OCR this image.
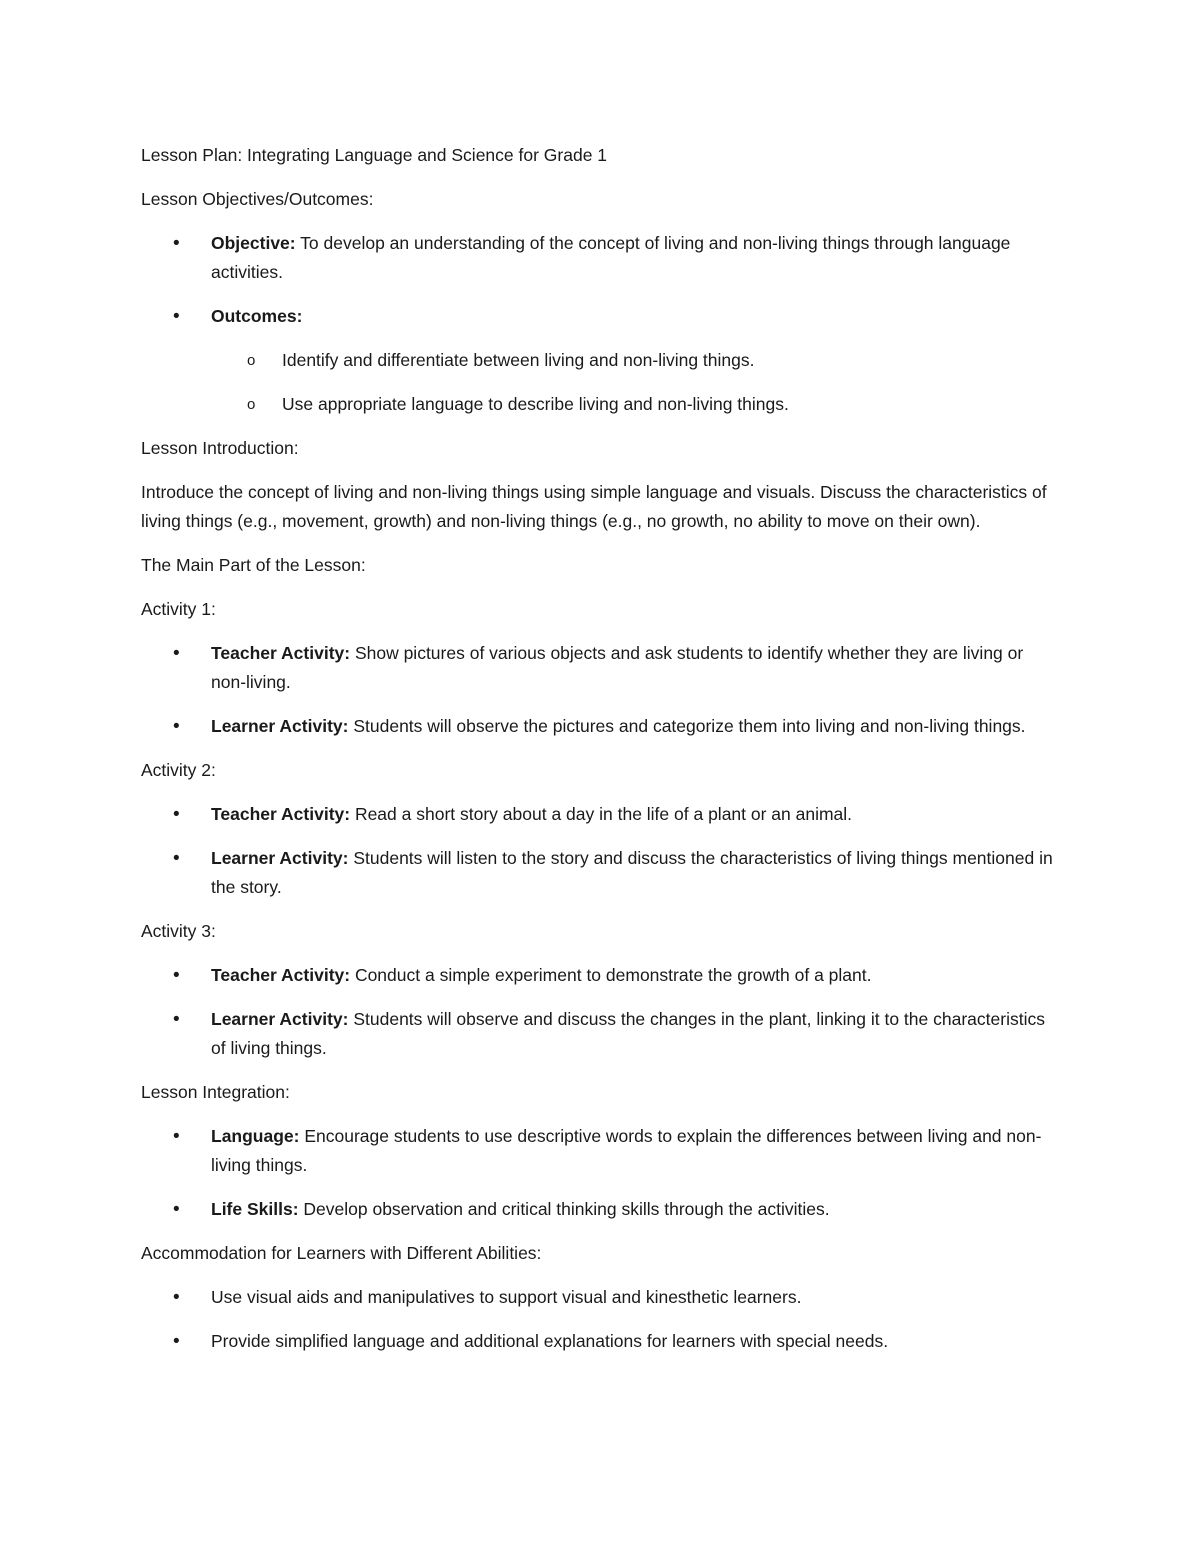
Lesson Plan: Integrating Language and Science for Grade 1

Lesson Objectives/Outcomes:

• Objective: To develop an understanding of the concept of living and non-living things through language activities.
• Outcomes:
o Identify and differentiate between living and non-living things.
o Use appropriate language to describe living and non-living things.

Lesson Introduction:

Introduce the concept of living and non-living things using simple language and visuals. Discuss the characteristics of living things (e.g., movement, growth) and non-living things (e.g., no growth, no ability to move on their own).

The Main Part of the Lesson:

Activity 1:

• Teacher Activity: Show pictures of various objects and ask students to identify whether they are living or non-living.
• Learner Activity: Students will observe the pictures and categorize them into living and non-living things.

Activity 2:

• Teacher Activity: Read a short story about a day in the life of a plant or an animal.
• Learner Activity: Students will listen to the story and discuss the characteristics of living things mentioned in the story.

Activity 3:

• Teacher Activity: Conduct a simple experiment to demonstrate the growth of a plant.
• Learner Activity: Students will observe and discuss the changes in the plant, linking it to the characteristics of living things.

Lesson Integration:

• Language: Encourage students to use descriptive words to explain the differences between living and non-living things.
• Life Skills: Develop observation and critical thinking skills through the activities.

Accommodation for Learners with Different Abilities:

• Use visual aids and manipulatives to support visual and kinesthetic learners.
• Provide simplified language and additional explanations for learners with special needs.
